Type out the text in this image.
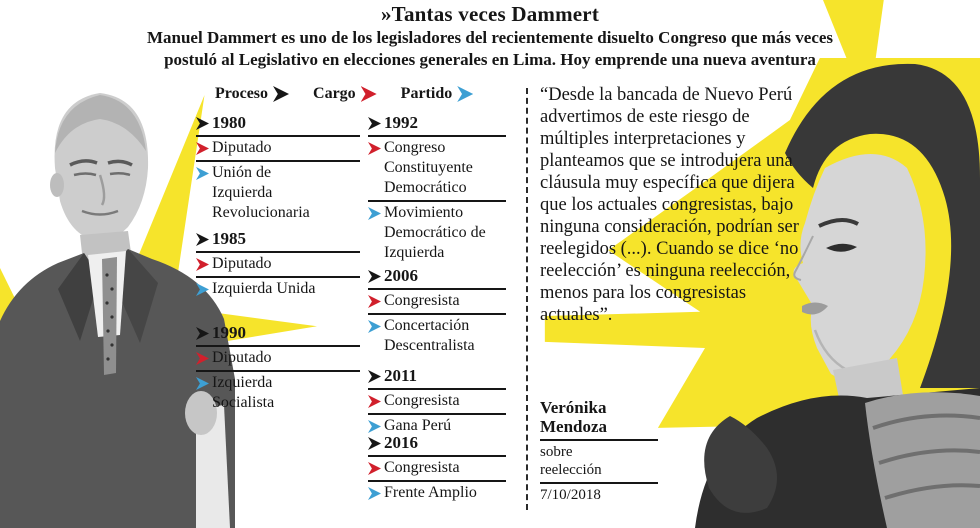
»Tantas veces Dammert
Manuel Dammert es uno de los legisladores del recientemente disuelto Congreso que más veces
postuló al Legislativo en elecciones generales en Lima. Hoy emprende una nueva aventura
Proceso	Cargo	Partido
1980
Diputado
Unión de Izquierda Revolucionaria
1985
Diputado
Izquierda Unida
1990
Diputado
Izquierda Socialista
1992
Congreso Constituyente Democrático
Movimiento Democrático de Izquierda
2006
Congresista
Concertación Descentralista
2011
Congresista
Gana Perú
2016
Congresista
Frente Amplio
“Desde la bancada de Nuevo Perú advertimos de este riesgo de múltiples interpretaciones y planteamos que se introdujera una cláusula muy específica que dijera que los actuales congresistas, bajo ninguna consideración, podrían ser reelegidos (...). Cuando se dice ‘no reelección’ es ninguna reelección, menos para los congresistas actuales”.
Verónika Mendoza
sobre reelección
7/10/2018
